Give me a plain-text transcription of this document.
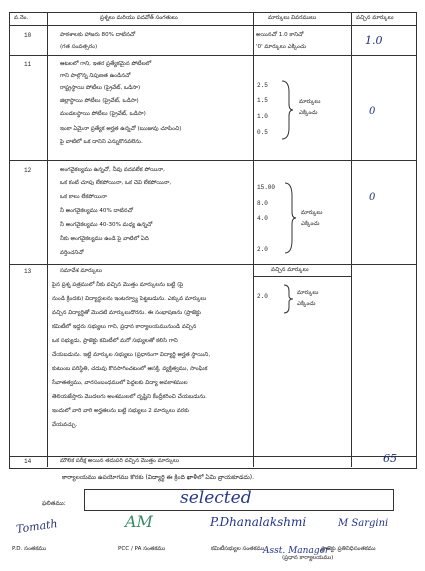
వ.నెం.	ప్రశ్నలు మరియు పదవోత్ సంగతులు	మార్కులు వివరములు	వచ్చిన మార్కులు
10	పాఠశాలకు హాజరు 80% దాటినచో
(గత సంవత్సరం)
అయినచో 1.0 కానిచో
'0' మార్కులు ఎక్కించు	1.0
11	ఆటలలో గాని, ఇతర ప్రత్యేకమైన పోటీలలో
గాని పాల్గొన్న నిపుణత ఉండినచో
రాష్ట్రస్థాయి పోటీలు (ప్రైవేట్, ఒడిసా)
జిల్లాస్థాయి పోటీలు (ప్రైవేట్, ఒడిసా)
మండలస్థాయి పోటీలు (ప్రైవేట్, ఒడిసా)
ఇంకా ఏమైనా ప్రత్యేక అర్హత ఉన్నచో (ఋజువు చూపించి)
పై వాటిలో ఒక దానిని ఎన్నుకొనవలెను.
2.5
1.5
1.0
0.5
మార్కులు
ఎక్కించు	0
12	అంగవైకల్యము ఉన్నచో, నీవు వదవలేక పోయినా,
ఒక కంటి చూపు లేకపోయినా, ఒక చెవి లేకపోయినా,
ఒక కాలు లేకపోయినా
నీ అంగవైకల్యము 40% దాటినచో
నీ అంగవైకల్యము 40-30% మధ్య ఉన్నచో
నీకు అంగవైకల్యము ఉండి పై వాటిలో ఏది
వర్తించనిచో
15.00
8.0
4.0
2.0
మార్కులు
ఎక్కించు
0
13	సమావేశ మార్కులు	వచ్చిన మార్కులు
పైన ప్రశ్న పత్రములో నీకు వచ్చిన మొత్తం మార్కులను బట్టి (పై
నుండి క్రిందకు) విద్యార్థులను ఇంటర్వ్యూ పెట్టబడును. ఎక్కువ మార్కులు
వచ్చిన విద్యార్థితో మొదటి మార్కులుదొరను. ఈ సంభాషణను (ప్రాజెక్టు
కమిటీలో ఇద్దరు సభ్యులు గాని, ప్రధాన కార్యాలయమునుండి వచ్చిన
ఒక సభ్యుడు, ప్రాజెక్టు కమిటీలో మరో సభ్యులతో కలిసి గాని
చేయబడును. ఇట్టి మార్కుల సభ్యులు (ప్రధానంగా విద్యార్థి అర్హత స్థాయిని,
కుటుంబ పరిస్థితి, చదువు కొనసాగించటంలో ఆసక్తి, వ్యక్తిత్వము, సాంఘిక
సేవాతత్వము, వారసంబంధములో పెద్దలకు విద్యా అవకాశముల
తెలియజేస్తారు మొదలగు అంశములలో దృష్టిని కేంద్రీకరించి చేయబడును.
ఇందులో వారి వారి అర్హతలను బట్టి సభ్యులు 2 మార్కులు వరకు
వేయవచ్చు.
2.0	మార్కులు
ఎక్కించు
14	మౌలిక పరీక్ష అయిన తదుపరి వచ్చిన మొత్తం మార్కులు	65
కార్యాలయము ఉపయోగము కొరకు (విద్యార్థి ఈ క్రింది ఖాళీలో ఏమి వ్రాయకూడదు).
ఫలితము:	selected
Tomath	AM	P.Dhanalakshmi	M Sargini
Asst. Manager
P.D. సంతకము	PCC / PA సంతకము	కమిటీసభ్యుల సంతకము	ప్రాజెక్టు ప్రతినిధిసంతకము
(ప్రధాన కార్యాలయము)
